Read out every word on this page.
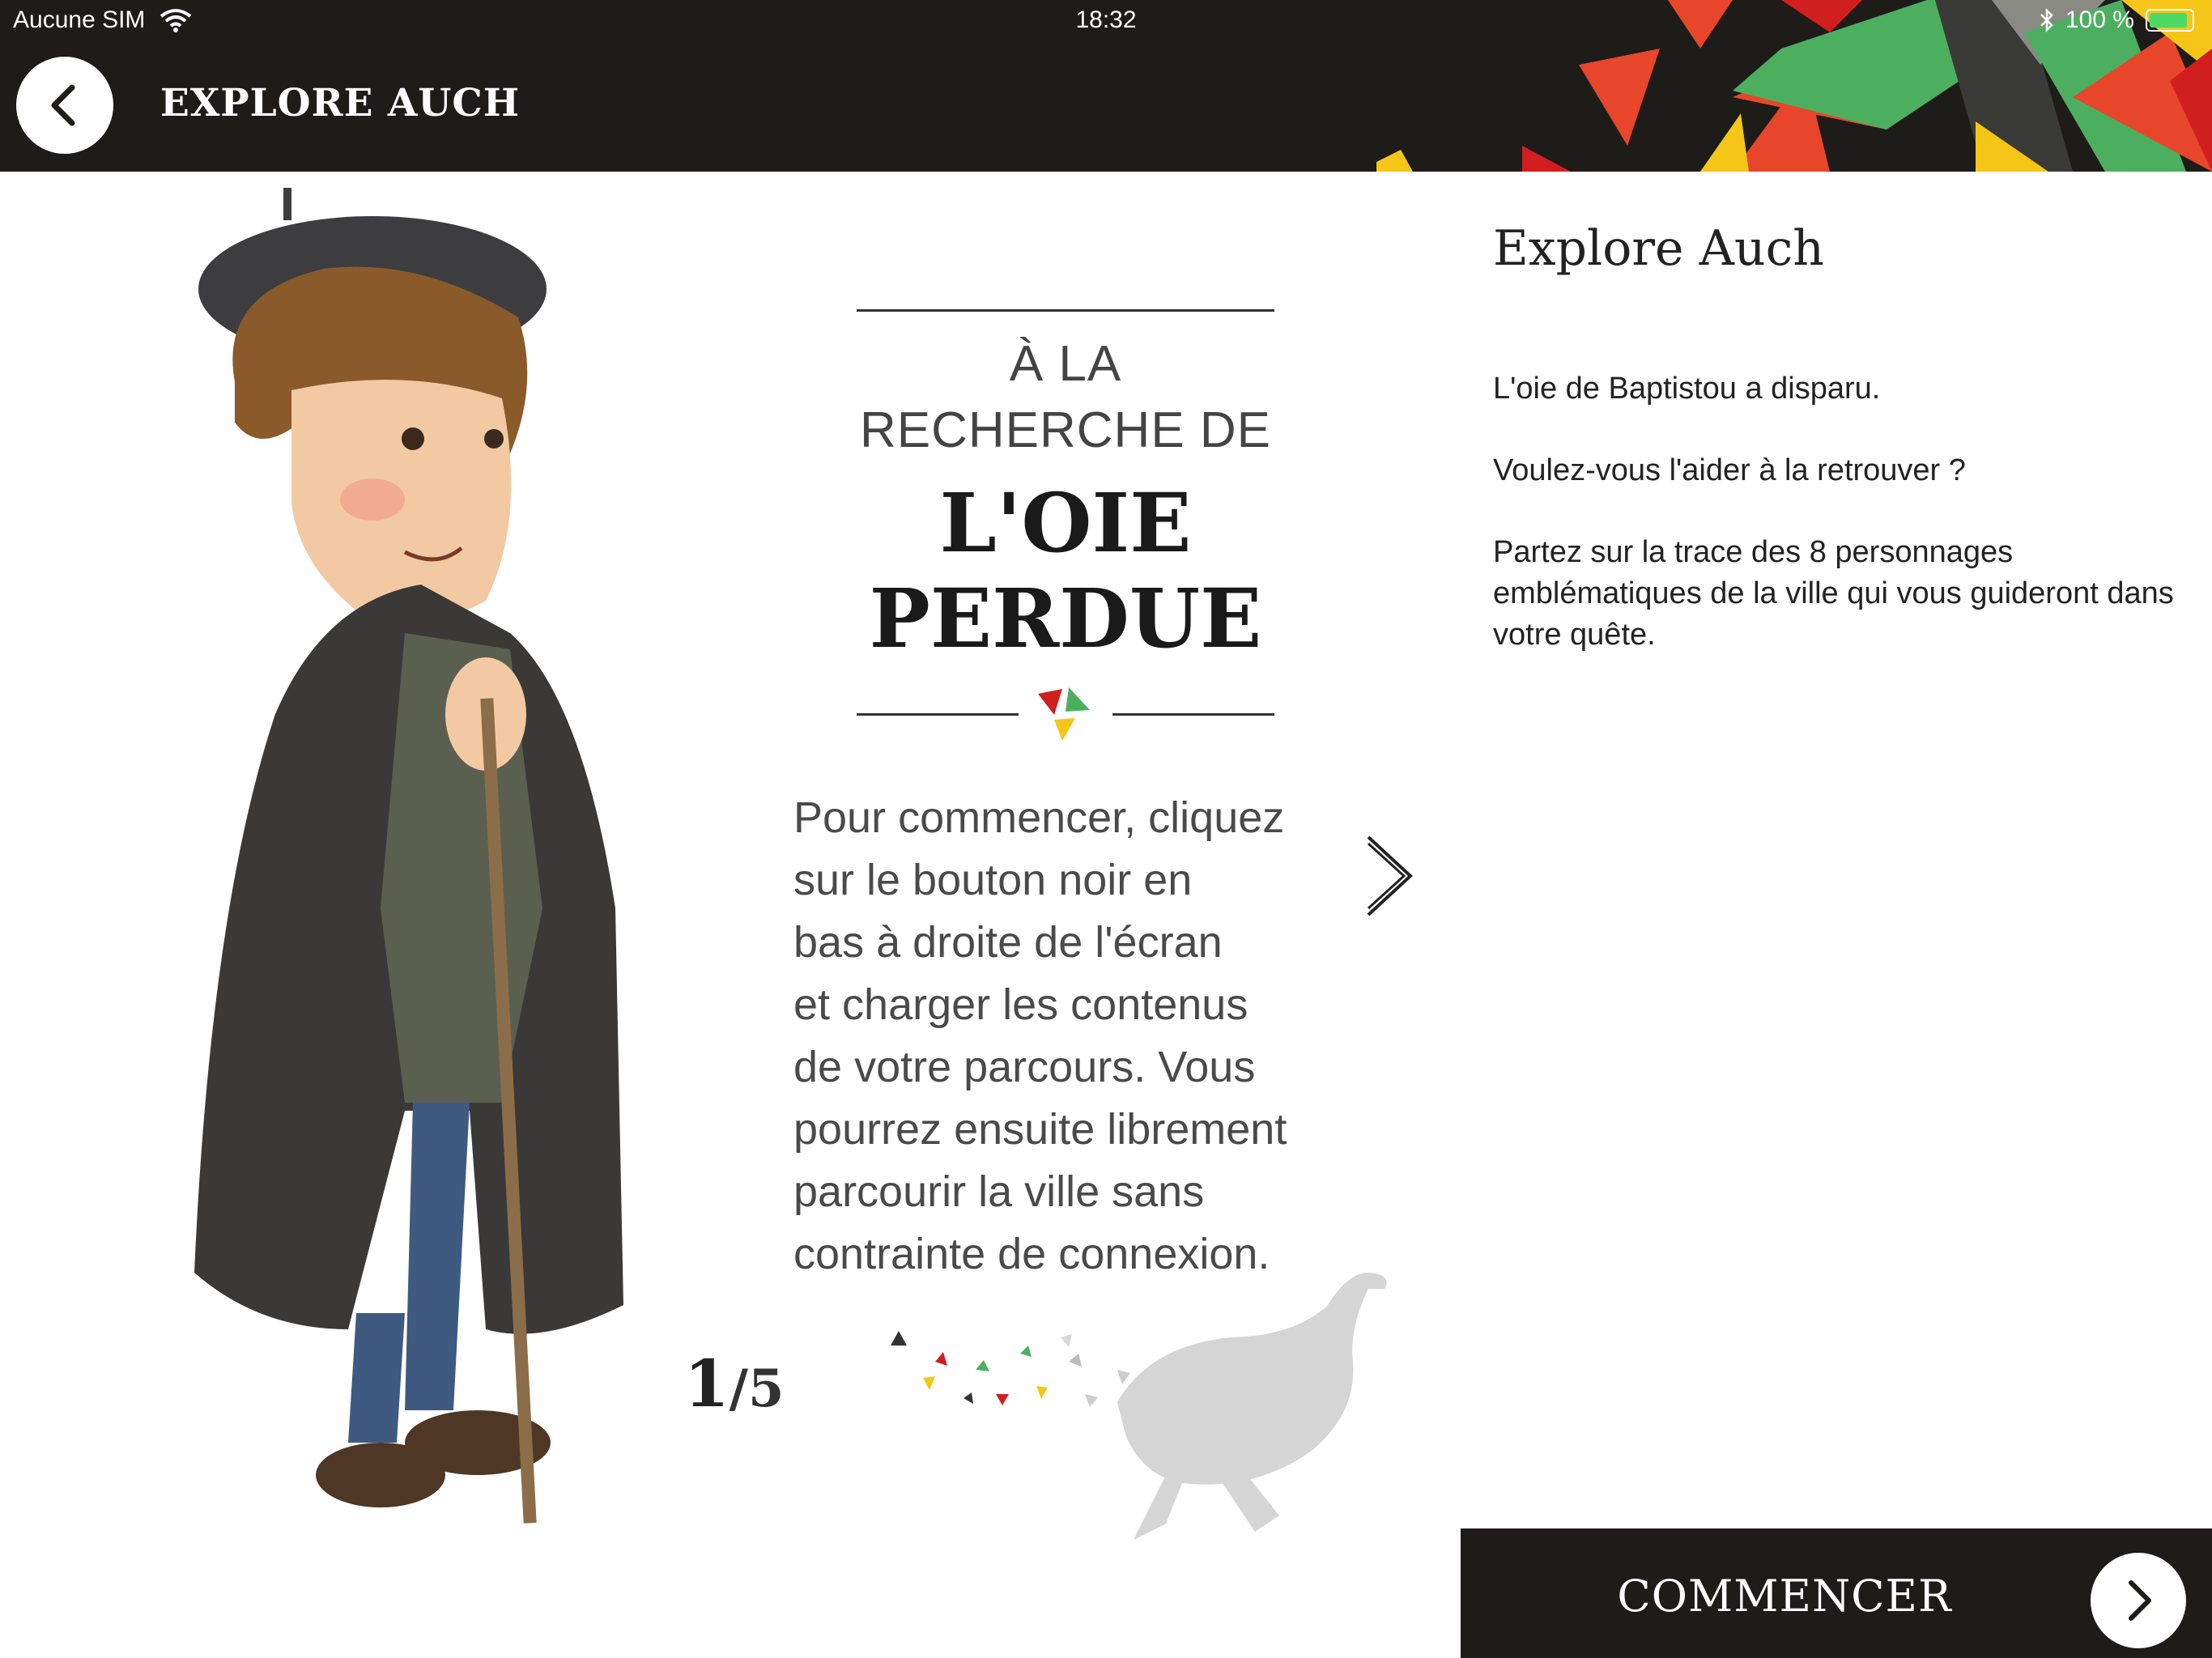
Aucune SIM	18:32	100 %
EXPLORE AUCH
À LA
RECHERCHE DE
L'OIE
PERDUE
Pour commencer, cliquez
sur le bouton noir en
bas à droite de l'écran
et charger les contenus
de votre parcours. Vous
pourrez ensuite librement
parcourir la ville sans
contrainte de connexion.
1/5
Explore Auch

L'oie de Baptistou a disparu.

Voulez-vous l'aider à la retrouver ?

Partez sur la trace des 8 personnages emblématiques de la ville qui vous guideront dans votre quête.

COMMENCER
